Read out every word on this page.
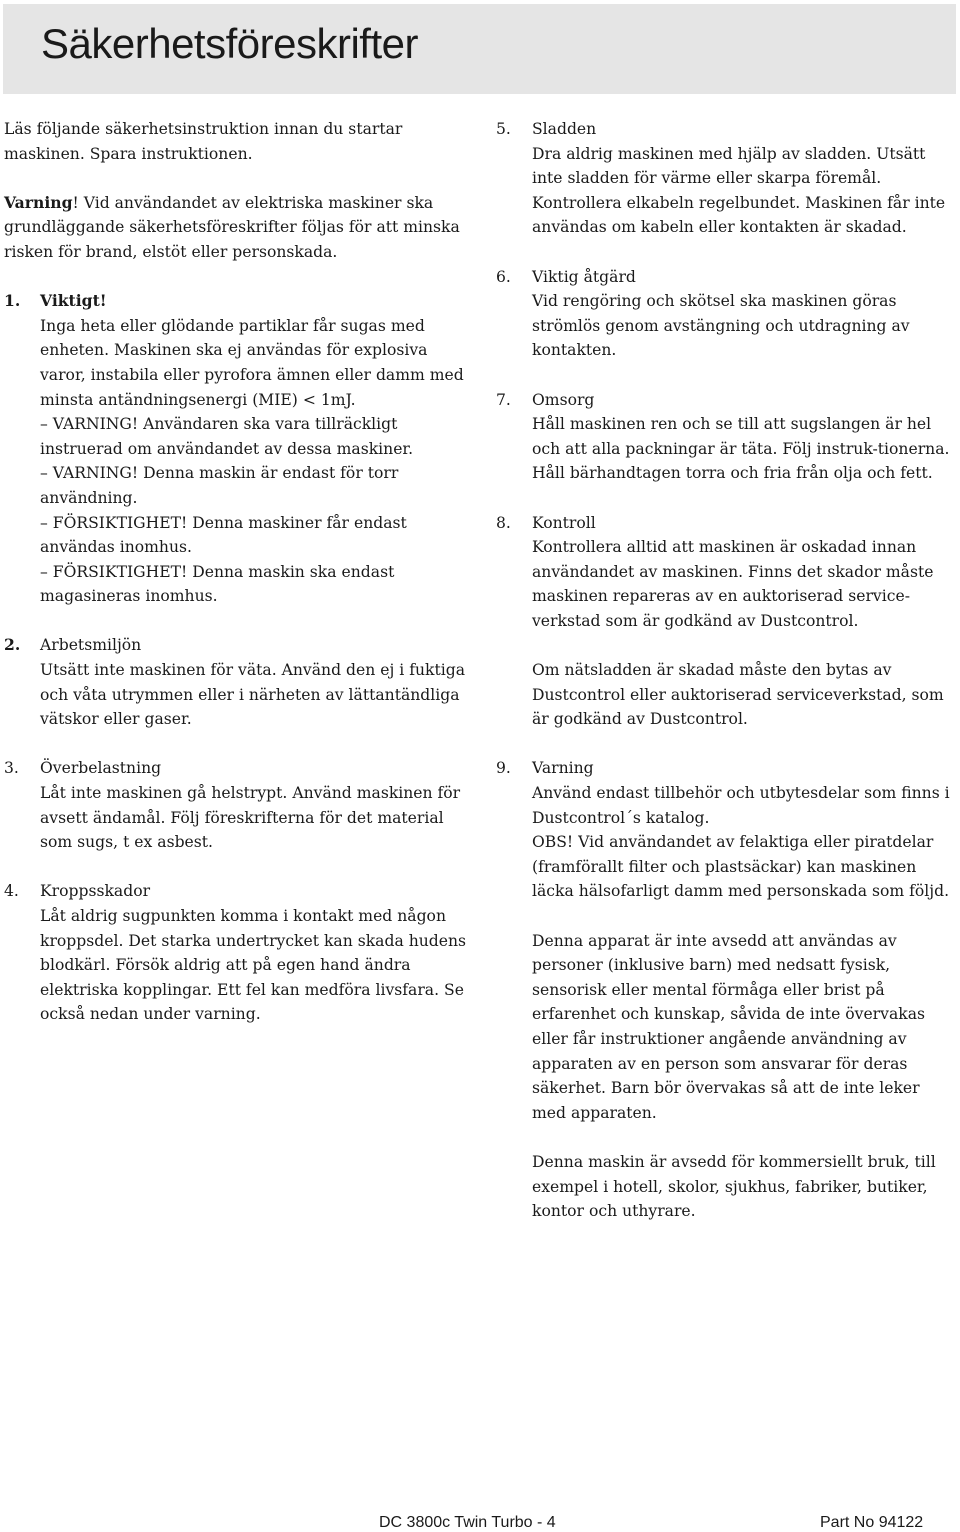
Säkerhetsföreskrifter

Läs följande säkerhetsinstruktion innan du startar maskinen. Spara instruktionen.

Varning! Vid användandet av elektriska maskiner ska grundläggande säkerhetsföreskrifter följas för att minska risken för brand, elstöt eller personskada.

1. Viktigt!
Inga heta eller glödande partiklar får sugas med enheten. Maskinen ska ej användas för explosiva varor, instabila eller pyrofora ämnen eller damm med minsta antändningsenergi (MIE) < 1mJ.
– VARNING! Användaren ska vara tillräckligt instruerad om användandet av dessa maskiner.
– VARNING! Denna maskin är endast för torr användning.
– FÖRSIKTIGHET! Denna maskiner får endast användas inomhus.
– FÖRSIKTIGHET! Denna maskin ska endast magasineras inomhus.
2. Arbetsmiljön
Utsätt inte maskinen för väta. Använd den ej i fuktiga och våta utrymmen eller i närheten av lättantändliga vätskor eller gaser.
3. Överbelastning
Låt inte maskinen gå helstrypt. Använd maskinen för avsett ändamål. Följ föreskrifterna för det material som sugs, t ex asbest.
4. Kroppsskador
Låt aldrig sugpunkten komma i kontakt med någon kroppsdel. Det starka undertrycket kan skada hudens blodkärl. Försök aldrig att på egen hand ändra elektriska kopplingar. Ett fel kan medföra livsfara. Se också nedan under varning.
5. Sladden
Dra aldrig maskinen med hjälp av sladden. Utsätt inte sladden för värme eller skarpa föremål. Kontrollera elkabeln regelbundet. Maskinen får inte användas om kabeln eller kontakten är skadad.
6. Viktig åtgärd
Vid rengöring och skötsel ska maskinen göras strömlös genom avstängning och utdragning av kontakten.
7. Omsorg
Håll maskinen ren och se till att sugslangen är hel och att alla packningar är täta. Följ instruk-tionerna. Håll bärhandtagen torra och fria från olja och fett.
8. Kontroll
Kontrollera alltid att maskinen är oskadad innan användandet av maskinen. Finns det skador måste maskinen repareras av en auktoriserad service-verkstad som är godkänd av Dustcontrol.
Om nätsladden är skadad måste den bytas av Dustcontrol eller auktoriserad serviceverkstad, som är godkänd av Dustcontrol.
9. Varning
Använd endast tillbehör och utbytesdelar som finns i Dustcontrol´s katalog.
OBS! Vid användandet av felaktiga eller piratdelar (framförallt filter och plastsäckar) kan maskinen läcka hälsofarligt damm med personskada som följd.
Denna apparat är inte avsedd att användas av personer (inklusive barn) med nedsatt fysisk, sensorisk eller mental förmåga eller brist på erfarenhet och kunskap, såvida de inte övervakas eller får instruktioner angående användning av apparaten av en person som ansvarar för deras säkerhet. Barn bör övervakas så att de inte leker med apparaten.
Denna maskin är avsedd för kommersiellt bruk, till exempel i hotell, skolor, sjukhus, fabriker, butiker, kontor och uthyrare.
DC 3800c Twin Turbo - 4	Part No 94122
